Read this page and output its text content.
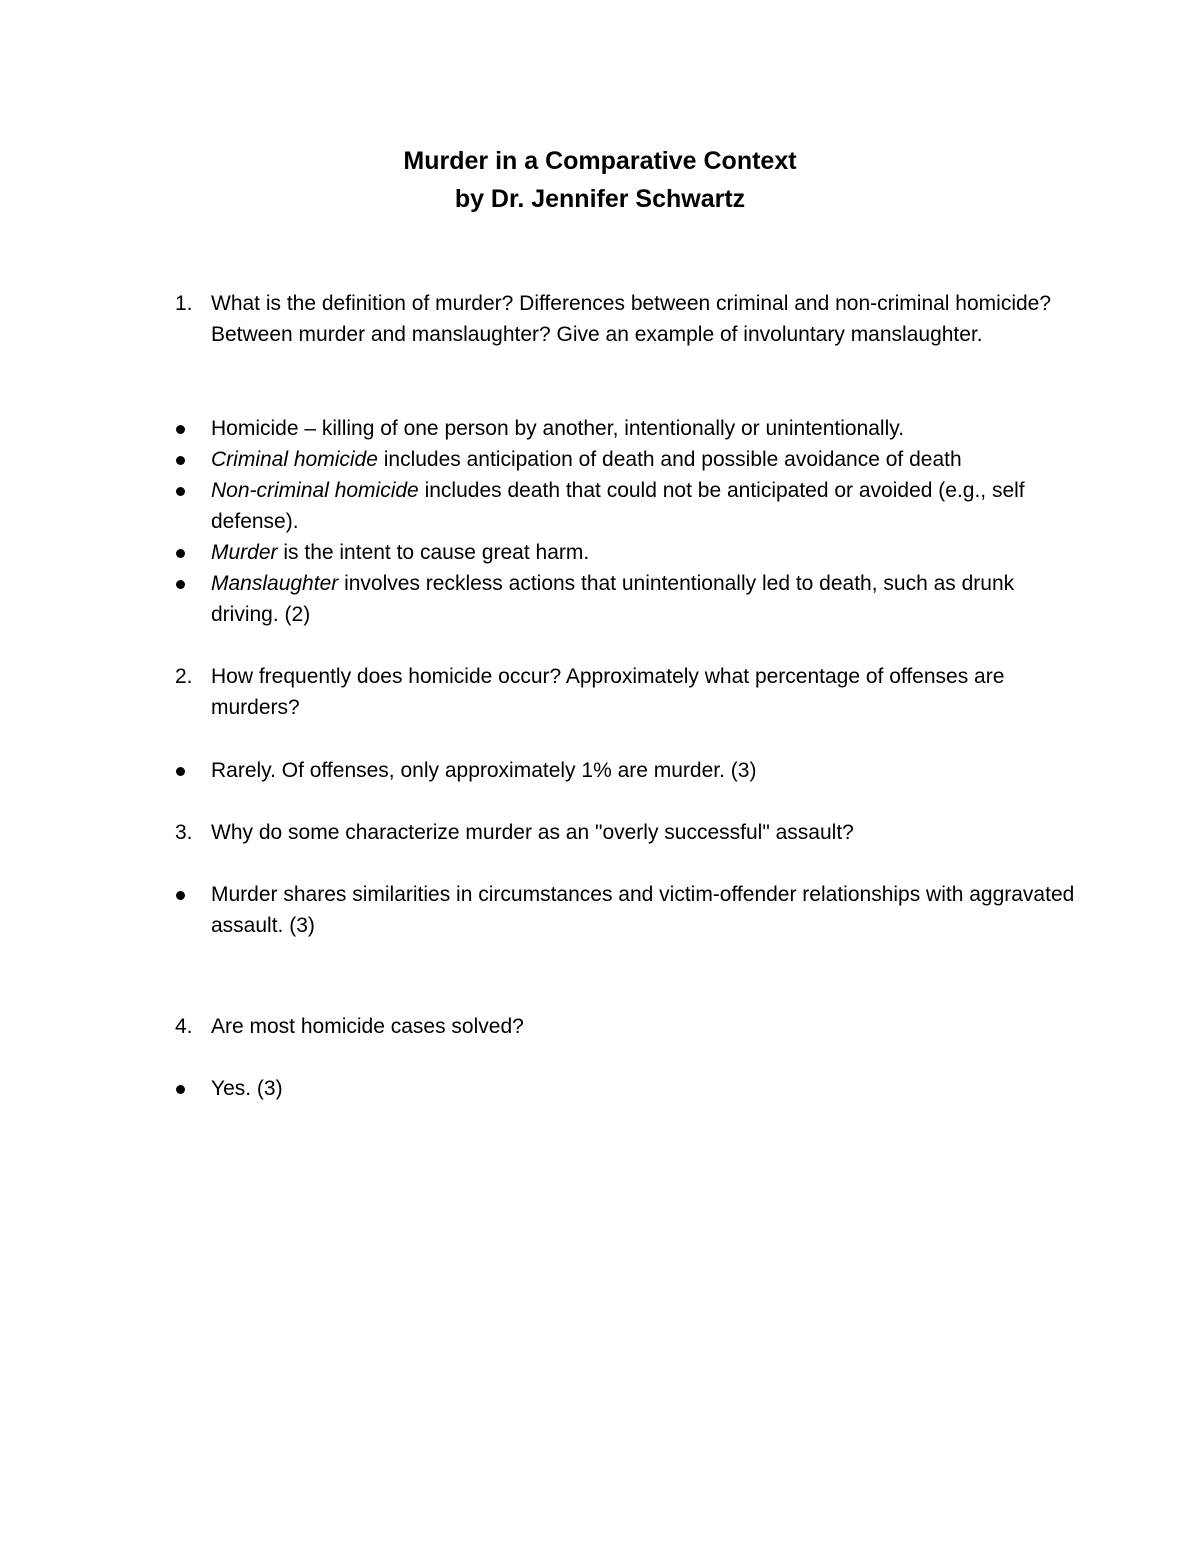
Murder in a Comparative Context
by Dr. Jennifer Schwartz
1. What is the definition of murder? Differences between criminal and non-criminal homicide? Between murder and manslaughter? Give an example of involuntary manslaughter.
Homicide – killing of one person by another, intentionally or unintentionally.
Criminal homicide includes anticipation of death and possible avoidance of death
Non-criminal homicide includes death that could not be anticipated or avoided (e.g., self defense).
Murder is the intent to cause great harm.
Manslaughter involves reckless actions that unintentionally led to death, such as drunk driving. (2)
2. How frequently does homicide occur? Approximately what percentage of offenses are murders?
Rarely. Of offenses, only approximately 1% are murder. (3)
3. Why do some characterize murder as an "overly successful" assault?
Murder shares similarities in circumstances and victim-offender relationships with aggravated assault. (3)
4. Are most homicide cases solved?
Yes. (3)
